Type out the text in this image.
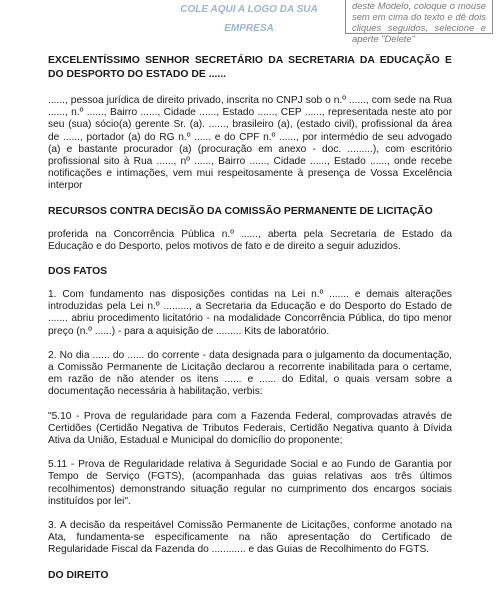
COLE AQUI A LOGO DA SUA EMPRESA
deste Modelo, coloque o mouse sem em cima do texto e dê dois cliques seguidos, selecione e aperte "Delete"
EXCELENTÍSSIMO SENHOR SECRETÁRIO DA SECRETARIA DA EDUCAÇÃO E DO DESPORTO DO ESTADO DE ......
......, pessoa jurídica de direito privado, inscrita no CNPJ sob o n.º ......, com sede na Rua ......, n.º ......, Bairro ......, Cidade ......, Estado ......, CEP ......, representada neste ato por seu (sua) sócio(a) gerente Sr. (a). ......, brasileiro (a), (estado civil), profissional da área de ......, portador (a) do RG n.º ...... e do CPF n.º ......, por intermédio de seu advogado (a) e bastante procurador (a) (procuração em anexo - doc. .........), com escritório profissional sito à Rua ......, nº ......, Bairro ......, Cidade ......, Estado ......, onde recebe notificações e intimações, vem mui respeitosamente à presença de Vossa Excelência interpor
RECURSOS CONTRA DECISÃO DA COMISSÃO PERMANENTE DE LICITAÇÃO
proferida na Concorrência Pública n.º ......, aberta pela Secretaria de Estado da Educação e do Desporto, pelos motivos de fato e de direito a seguir aduzidos.
DOS FATOS
1. Com fundamento nas disposições contidas na Lei n.º ....... e demais alterações introduzidas pela Lei n.º ........., a Secretaria da Educação e do Desporto do Estado de ....... abriu procedimento licitatório - na modalidade Concorrência Pública, do tipo menor preço (n.º ......) - para a aquisição de ......... Kits de laboratório.
2. No dia ...... do ...... do corrente - data designada para o julgamento da documentação, a Comissão Permanente de Licitação declarou a recorrente inabilitada para o certame, em razão de não atender os itens ...... e ...... do Edital, o quais versam sobre a documentação necessária à habilitação, verbis:
"5.10 - Prova de regularidade para com a Fazenda Federal, comprovadas através de Certidões (Certidão Negativa de Tributos Federais, Certidão Negativa quanto à Dívida Ativa da União, Estadual e Municipal do domicílio do proponente;
5.11 - Prova de Regularidade relativa à Seguridade Social e ao Fundo de Garantia por Tempo de Serviço (FGTS), (acompanhada das guias relativas aos três últimos recolhimentos) demonstrando situação regular no cumprimento dos encargos sociais instituídos por lei".
3. A decisão da respeitável Comissão Permanente de Licitações, conforme anotado na Ata, fundamenta-se especificamente na não apresentação do Certificado de Regularidade Fiscal da Fazenda do ............ e das Guias de Recolhimento do FGTS.
DO DIREITO
